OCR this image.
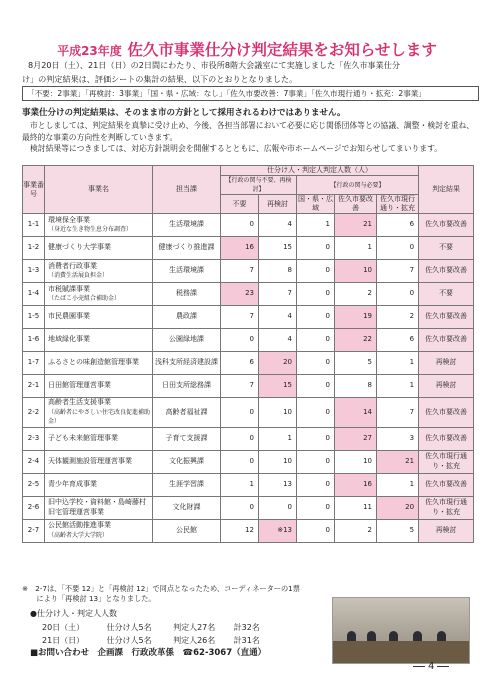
平成23年度 佐久市事業仕分け判定結果をお知らせします

8月20日（土）、21日（日）の2日間にわたり、市役所8階大会議室にて実施しました「佐久市事業仕分

け」の判定結果は、評価シートの集計の結果、以下のとおりとなりました。

「不要：2事業」「再検討：3事業」「国・県・広域：なし」「佐久市要改善：7事業」「佐久市現行通り・拡充：2事業」
事業仕分けの判定結果は、そのまま市の方針として採用されるわけではありません。

市としましては、判定結果を真摯に受け止め、今後、各担当部署において必要に応じ関係団体等との協議、調整・検討を重ね、最終的な事業の方向性を判断していきます。

検討結果等につきましては、対応方針説明会を開催するとともに、広報や市ホームページでお知らせしてまいります。

事業番号	事業名	担当課	仕分け人・判定人判定人数（人）					判定結果
			【行政の関与不要、再検討】		【行政の関与必要】			
			不要	再検討	国・県・広域	佐久市要改善	佐久市現行通り・拡充	
1-1	環境保全事業
（身近な生き物生息分布調査）	生活環境課	0	4	1	21	6	佐久市要改善
1-2	健康づくり大学事業	健康づくり推進課	16	15	0	1	0	不要
1-3	消費者行政事業
（消費生活展負担金）	生活環境課	7	8	0	10	7	佐久市要改善
1-4	市税賦課事業
（たばこ小売組合補助金）	税務課	23	7	0	2	0	不要
1-5	市民農園事業	農政課	7	4	0	19	2	佐久市要改善
1-6	地域緑化事業	公園緑地課	0	4	0	22	6	佐久市要改善
1-7	ふるさとの味創造館管理事業	浅科支所経済建設課	6	20	0	5	1	再検討
2-1	日田館管理運営事業	日田支所総務課	7	15	0	8	1	再検討
2-2	高齢者生活支援事業
（高齢者にやさしい住宅改良促進補助金）	高齢者福祉課	0	10	0	14	7	佐久市要改善
2-3	子ども未来館管理事業	子育て支援課	0	1	0	27	3	佐久市要改善
2-4	天体観測施設管理運営事業	文化振興課	0	10	0	10	21	佐久市現行通り・拡充
2-5	青少年育成事業	生涯学習課	1	13	0	16	1	佐久市要改善
2-6	旧中込学校・資料館・島崎藤村旧宅管理運営事業	文化財課	0	0	0	11	20	佐久市現行通り・拡充
2-7	公民館活動推進事業
（高齢者大学大学院）	公民館	12	※13	0	2	5	再検討
※　2-7は、「不要 12」と「再検討 12」で同点となったため、コーディネーターの1票
　　により「再検討 13」となりました。
●仕分け人・判定人人数
20日（土）	仕分け人5名	判定人27名 計32名
21日（日）	仕分け人5名	判定人26名 計31名
■お問い合わせ　企画課　行政改革係　☎62-3067（直通）
4
